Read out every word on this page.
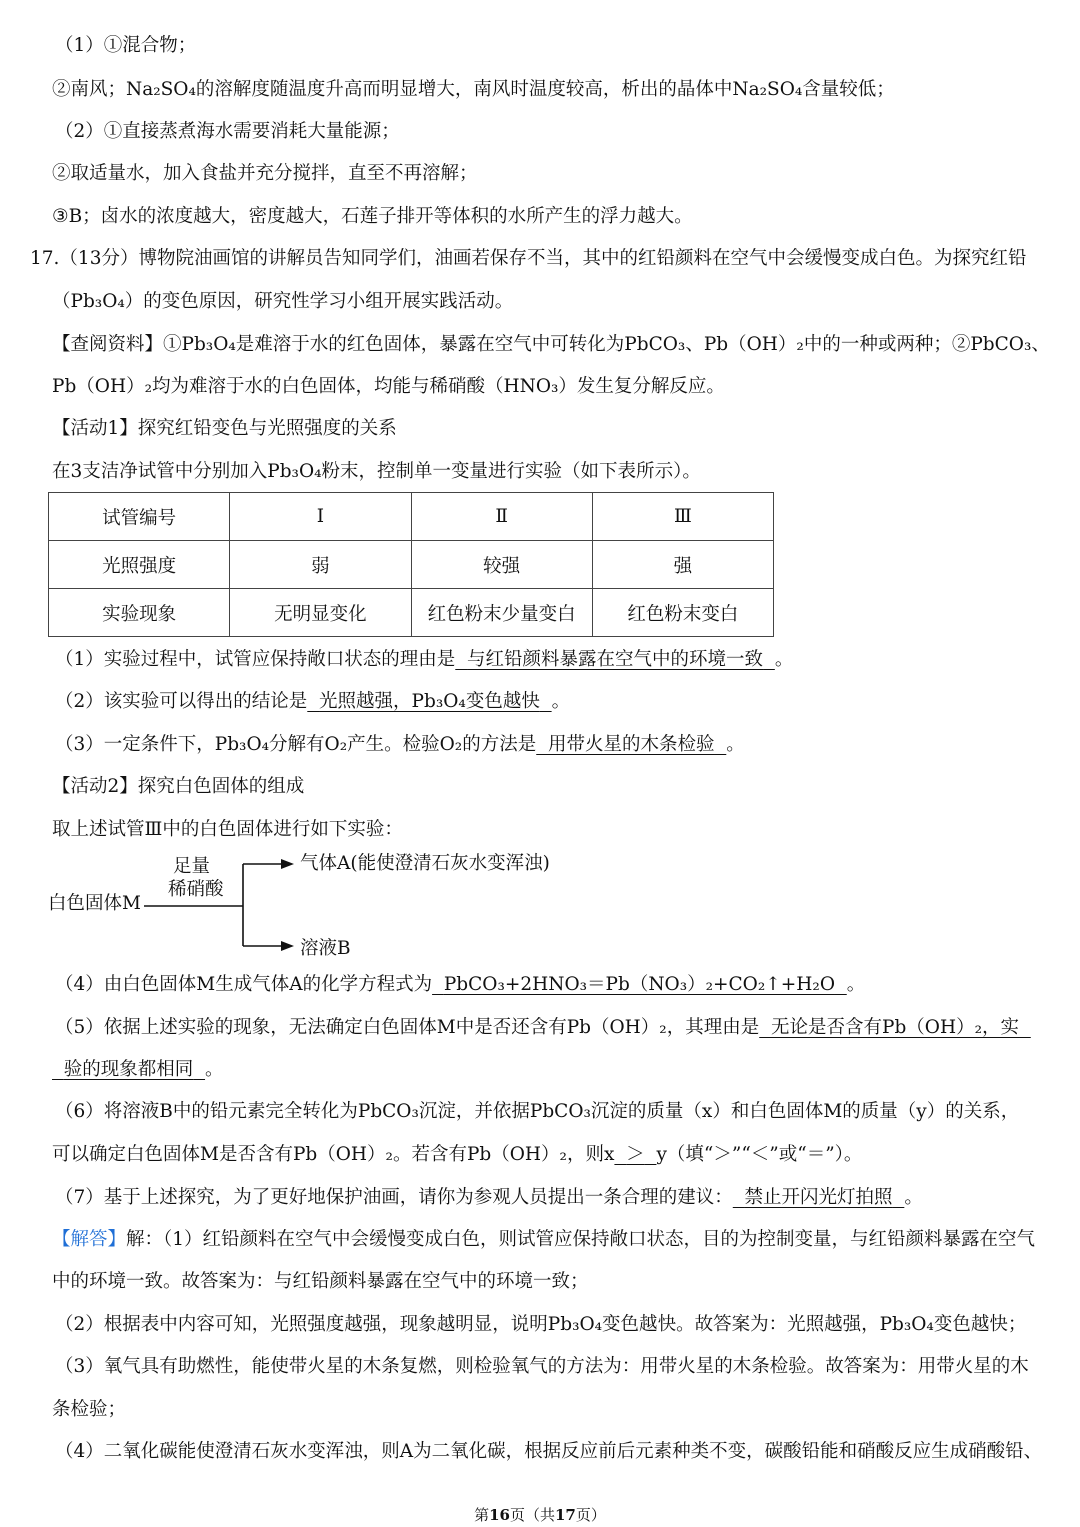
（1）①混合物；
②南风；Na₂SO₄的溶解度随温度升高而明显增大，南风时温度较高，析出的晶体中Na₂SO₄含量较低；
（2）①直接蒸煮海水需要消耗大量能源；
②取适量水，加入食盐并充分搅拌，直至不再溶解；
③B；卤水的浓度越大，密度越大，石莲子排开等体积的水所产生的浮力越大。
17.（13分）博物院油画馆的讲解员告知同学们，油画若保存不当，其中的红铅颜料在空气中会缓慢变成白色。为探究红铅
（Pb₃O₄）的变色原因，研究性学习小组开展实践活动。
【查阅资料】①Pb₃O₄是难溶于水的红色固体，暴露在空气中可转化为PbCO₃、Pb（OH）₂中的一种或两种；②PbCO₃、
Pb（OH）₂均为难溶于水的白色固体，均能与稀硝酸（HNO₃）发生复分解反应。
【活动1】探究红铅变色与光照强度的关系
在3支洁净试管中分别加入Pb₃O₄粉末，控制单一变量进行实验（如下表所示）。
试管编号	Ⅰ	Ⅱ	Ⅲ
光照强度	弱	较强	强
实验现象	无明显变化	红色粉末少量变白	红色粉末变白
（1）实验过程中，试管应保持敞口状态的理由是 与红铅颜料暴露在空气中的环境一致 。
（2）该实验可以得出的结论是 光照越强，Pb₃O₄变色越快 。
（3）一定条件下，Pb₃O₄分解有O₂产生。检验O₂的方法是 用带火星的木条检验 。
【活动2】探究白色固体的组成
取上述试管Ⅲ中的白色固体进行如下实验：
白色固体M
足量
稀硝酸
气体A(能使澄清石灰水变浑浊)
溶液B
（4）由白色固体M生成气体A的化学方程式为 PbCO₃+2HNO₃＝Pb（NO₃）₂+CO₂↑+H₂O 。
（5）依据上述实验的现象，无法确定白色固体M中是否还含有Pb（OH）₂，其理由是 无论是否含有Pb（OH）₂，实
验的现象都相同 。
（6）将溶液B中的铅元素完全转化为PbCO₃沉淀，并依据PbCO₃沉淀的质量（x）和白色固体M的质量（y）的关系，
可以确定白色固体M是否含有Pb（OH）₂。若含有Pb（OH）₂，则x ＞ y（填“＞”“＜”或“＝”）。
（7）基于上述探究，为了更好地保护油画，请你为参观人员提出一条合理的建议： 禁止开闪光灯拍照 。
【解答】解：（1）红铅颜料在空气中会缓慢变成白色，则试管应保持敞口状态，目的为控制变量，与红铅颜料暴露在空气
中的环境一致。故答案为：与红铅颜料暴露在空气中的环境一致；
（2）根据表中内容可知，光照强度越强，现象越明显，说明Pb₃O₄变色越快。故答案为：光照越强，Pb₃O₄变色越快；
（3）氧气具有助燃性，能使带火星的木条复燃，则检验氧气的方法为：用带火星的木条检验。故答案为：用带火星的木
条检验；
（4）二氧化碳能使澄清石灰水变浑浊，则A为二氧化碳，根据反应前后元素种类不变，碳酸铅能和硝酸反应生成硝酸铅、
第16页（共17页）
